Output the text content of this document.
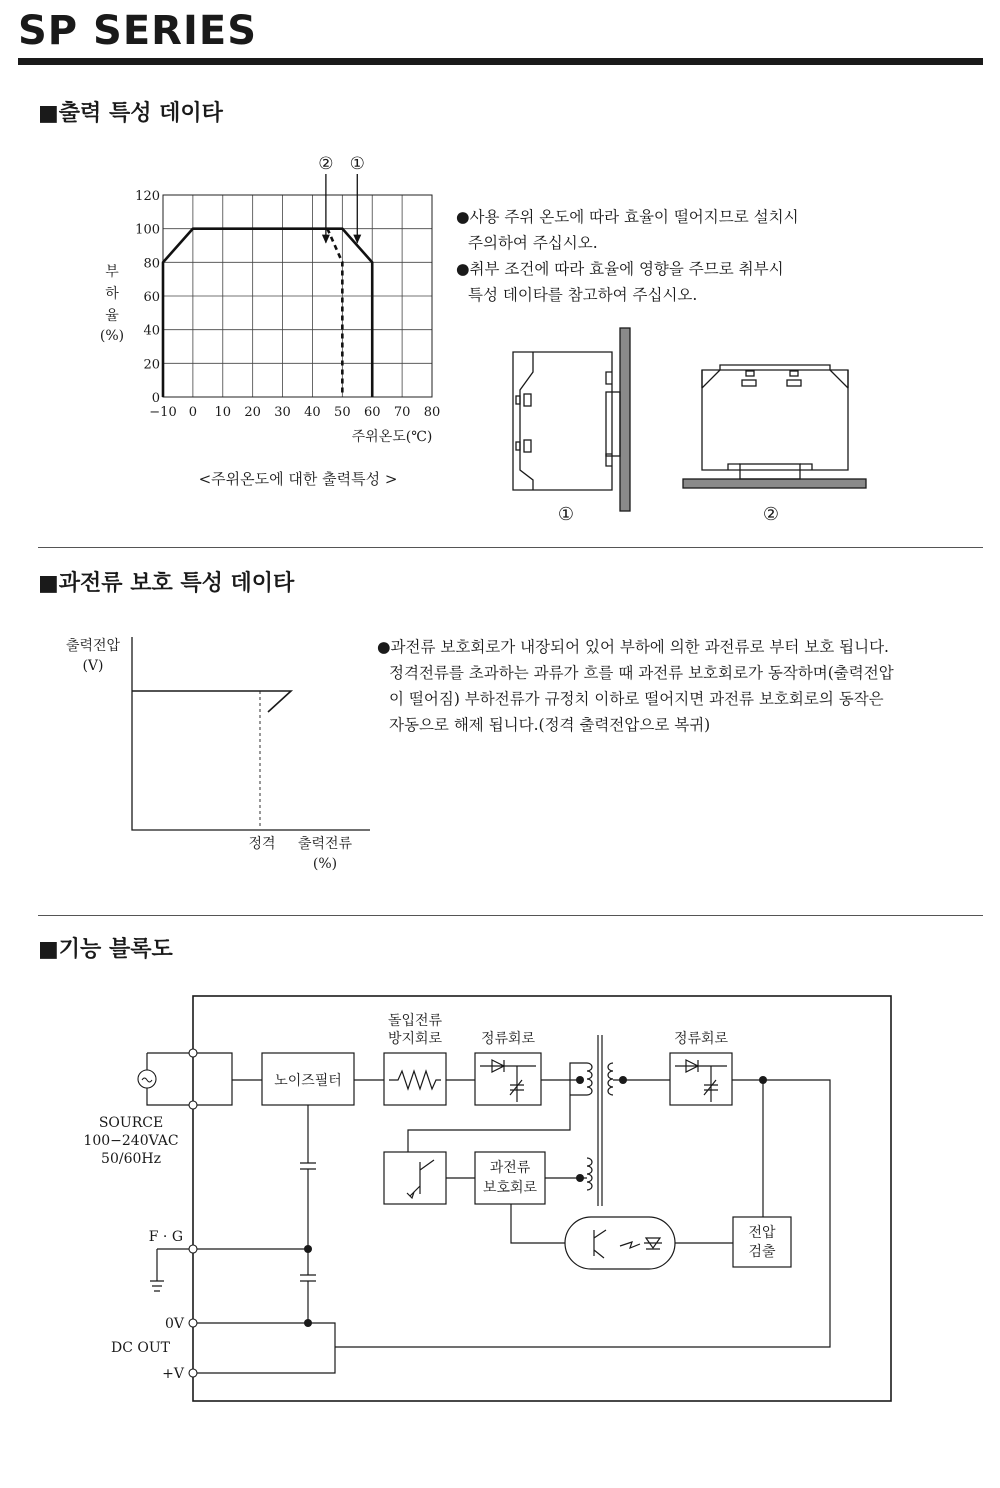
SP SERIES
■출력 특성 데이타
−10 0 10 20 30 40 50 60 70 80
0
20
40
60
80
100
120
② ①
부
하
율
(%)
주위온도(℃)
<주위온도에 대한 출력특성 >
●사용 주위 온도에 따라 효율이 떨어지므로 설치시
주의하여 주십시오.
●취부 조건에 따라 효율에 영향을 주므로 취부시
특성 데이타를 참고하여 주십시오.
①	②
■과전류 보호 특성 데이타
출력전압
(V)
정격 출력전류
(%)
●과전류 보호회로가 내장되어 있어 부하에 의한 과전류로 부터 보호 됩니다.
정격전류를 초과하는 과류가 흐를 때 과전류 보호회로가 동작하며(출력전압
이 떨어짐) 부하전류가 규정치 이하로 떨어지면 과전류 보호회로의 동작은
자동으로 해제 됩니다.(정격 출력전압으로 복귀)
■기능 블록도
SOURCE
100−240VAC
50/60Hz
노이즈필터
돌입전류
방지회로	정류회로	정류회로
과전류
보호회로
전압
검출
F · G
0V
DC OUT
+V
